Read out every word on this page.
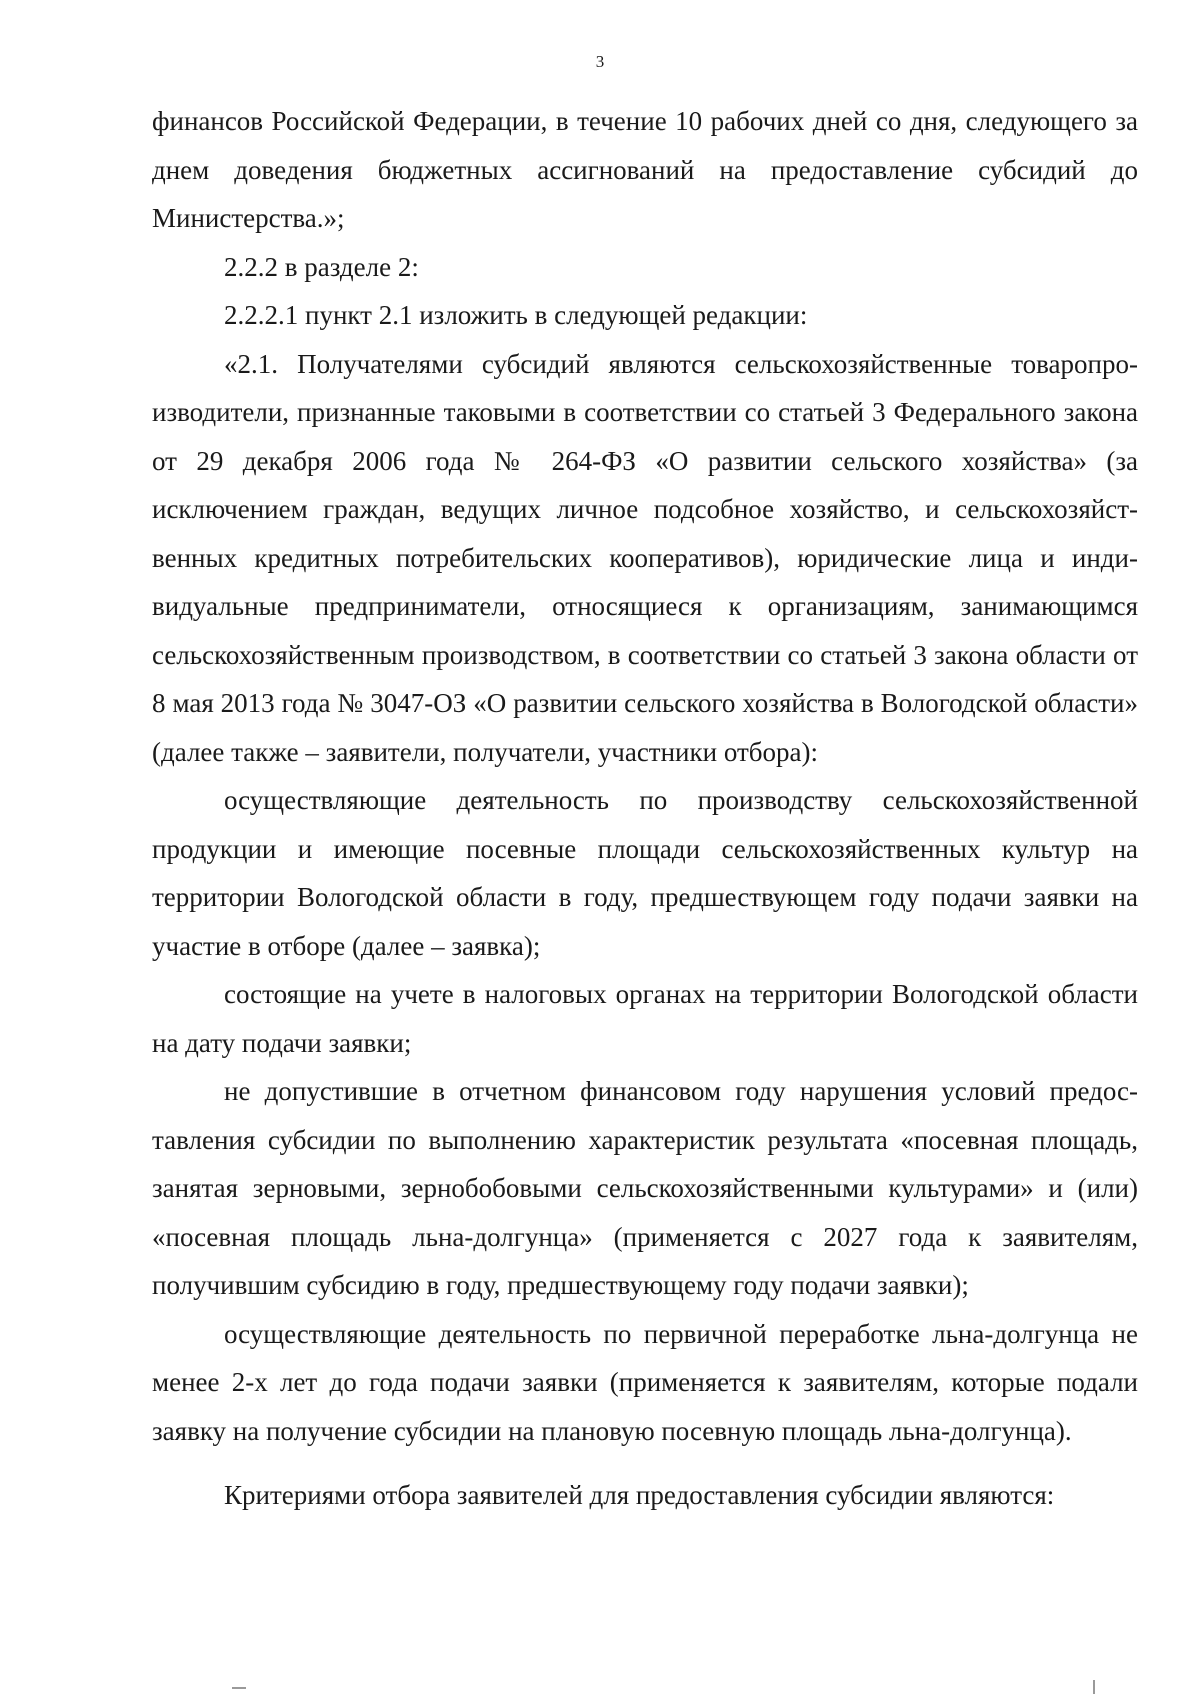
3

финансов Российской Федерации, в течение 10 рабочих дней со дня, следующего за днем доведения бюджетных ассигнований на предоставление субсидий до Министерства.»;

2.2.2 в разделе 2:

2.2.2.1 пункт 2.1 изложить в следующей редакции:

«2.1. Получателями субсидий являются сельскохозяйственные товаропроизводители, признанные таковыми в соответствии со статьей 3 Федерального закона от 29 декабря 2006 года № 264-ФЗ «О развитии сельского хозяйства» (за исключением граждан, ведущих личное подсобное хозяйство, и сельскохозяйственных кредитных потребительских кооперативов), юридические лица и индивидуальные предприниматели, относящиеся к организациям, занимающимся сельскохозяйственным производством, в соответствии со статьей 3 закона области от 8 мая 2013 года № 3047-ОЗ «О развитии сельского хозяйства в Вологодской области» (далее также – заявители, получатели, участники отбора):

осуществляющие деятельность по производству сельскохозяйственной продукции и имеющие посевные площади сельскохозяйственных культур на территории Вологодской области в году, предшествующем году подачи заявки на участие в отборе (далее – заявка);

состоящие на учете в налоговых органах на территории Вологодской области на дату подачи заявки;

не допустившие в отчетном финансовом году нарушения условий предоставления субсидии по выполнению характеристик результата «посевная площадь, занятая зерновыми, зернобобовыми сельскохозяйственными культурами» и (или) «посевная площадь льна-долгунца» (применяется с 2027 года к заявителям, получившим субсидию в году, предшествующему году подачи заявки);

осуществляющие деятельность по первичной переработке льна-долгунца не менее 2-х лет до года подачи заявки (применяется к заявителям, которые подали заявку на получение субсидии на плановую посевную площадь льна-долгунца).

Критериями отбора заявителей для предоставления субсидии являются:
